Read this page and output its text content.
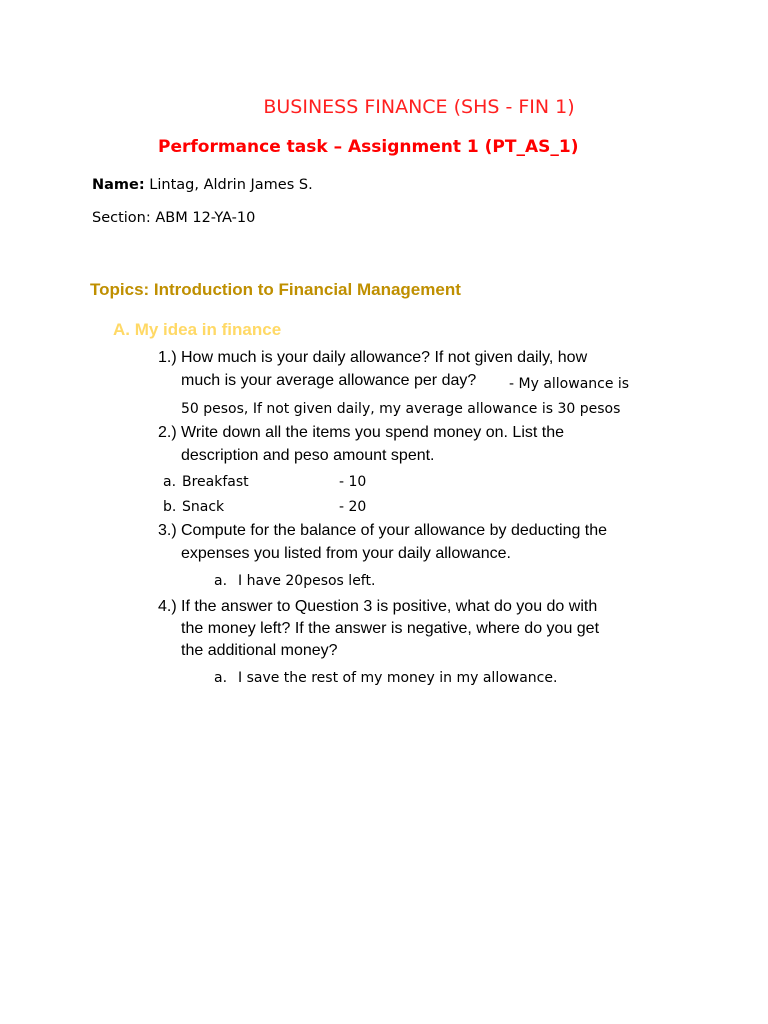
BUSINESS FINANCE (SHS - FIN 1)
Performance task – Assignment 1 (PT_AS_1)
Name: Lintag, Aldrin James S.
Section: ABM 12-YA-10
Topics: Introduction to Financial Management
A. My idea in finance
1.) How much is your daily allowance? If not given daily, how
much is your average allowance per day? - My allowance is
50 pesos, If not given daily, my average allowance is 30 pesos
2.) Write down all the items you spend money on. List the
description and peso amount spent.
a. Breakfast	- 10
b. Snack	- 20
3.) Compute for the balance of your allowance by deducting the
expenses you listed from your daily allowance.
a. I have 20pesos left.
4.) If the answer to Question 3 is positive, what do you do with
the money left? If the answer is negative, where do you get
the additional money?
a. I save the rest of my money in my allowance.
